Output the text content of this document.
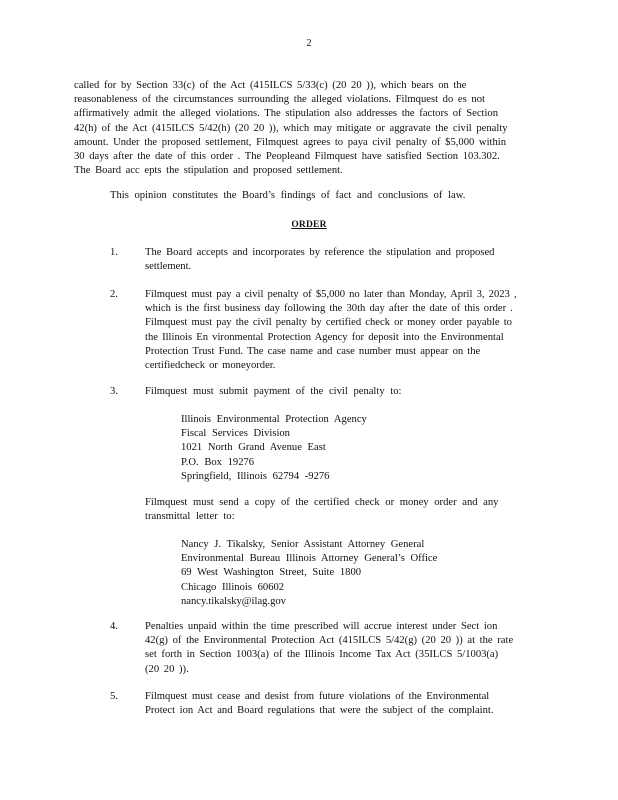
2
called for by Section 33(c) of the Act (415ILCS 5/33(c) (20 20 )), which bears on the
reasonableness of the circumstances surrounding the alleged violations. Filmquest do es not
affirmatively admit the alleged violations. The stipulation also addresses the factors of Section
42(h) of the Act (415ILCS 5/42(h) (20 20 )), which may mitigate or aggravate the civil penalty
amount. Under the proposed settlement, Filmquest agrees to paya civil penalty of $5,000 within
30 days after the date of this order . The Peopleand Filmquest have satisfied Section 103.302.
The Board acc epts the stipulation and proposed settlement.
This opinion constitutes the Board’s findings of fact and conclusions of law.
ORDER
1.	The Board accepts and incorporates by reference the stipulation and proposed
settlement.
2.	Filmquest must pay a civil penalty of $5,000 no later than Monday, April 3, 2023 ,
which is the first business day following the 30th day after the date of this order .
Filmquest must pay the civil penalty by certified check or money order payable to
the Illinois En vironmental Protection Agency for deposit into the Environmental
Protection Trust Fund. The case name and case number must appear on the
certifiedcheck or moneyorder.
3.	Filmquest must submit payment of the civil penalty to:
Illinois Environmental Protection Agency
Fiscal Services Division
1021 North Grand Avenue East
P.O. Box 19276
Springfield, Illinois 62794 -9276
Filmquest must send a copy of the certified check or money order and any
transmittal letter to:
Nancy J. Tikalsky, Senior Assistant Attorney General
Environmental Bureau Illinois Attorney General’s Office
69 West Washington Street, Suite 1800
Chicago Illinois 60602
nancy.tikalsky@ilag.gov
4.	Penalties unpaid within the time prescribed will accrue interest under Sect ion
42(g) of the Environmental Protection Act (415ILCS 5/42(g) (20 20 )) at the rate
set forth in Section 1003(a) of the Illinois Income Tax Act (35ILCS 5/1003(a)
(20 20 )).
5.	Filmquest must cease and desist from future violations of the Environmental
Protect ion Act and Board regulations that were the subject of the complaint.
